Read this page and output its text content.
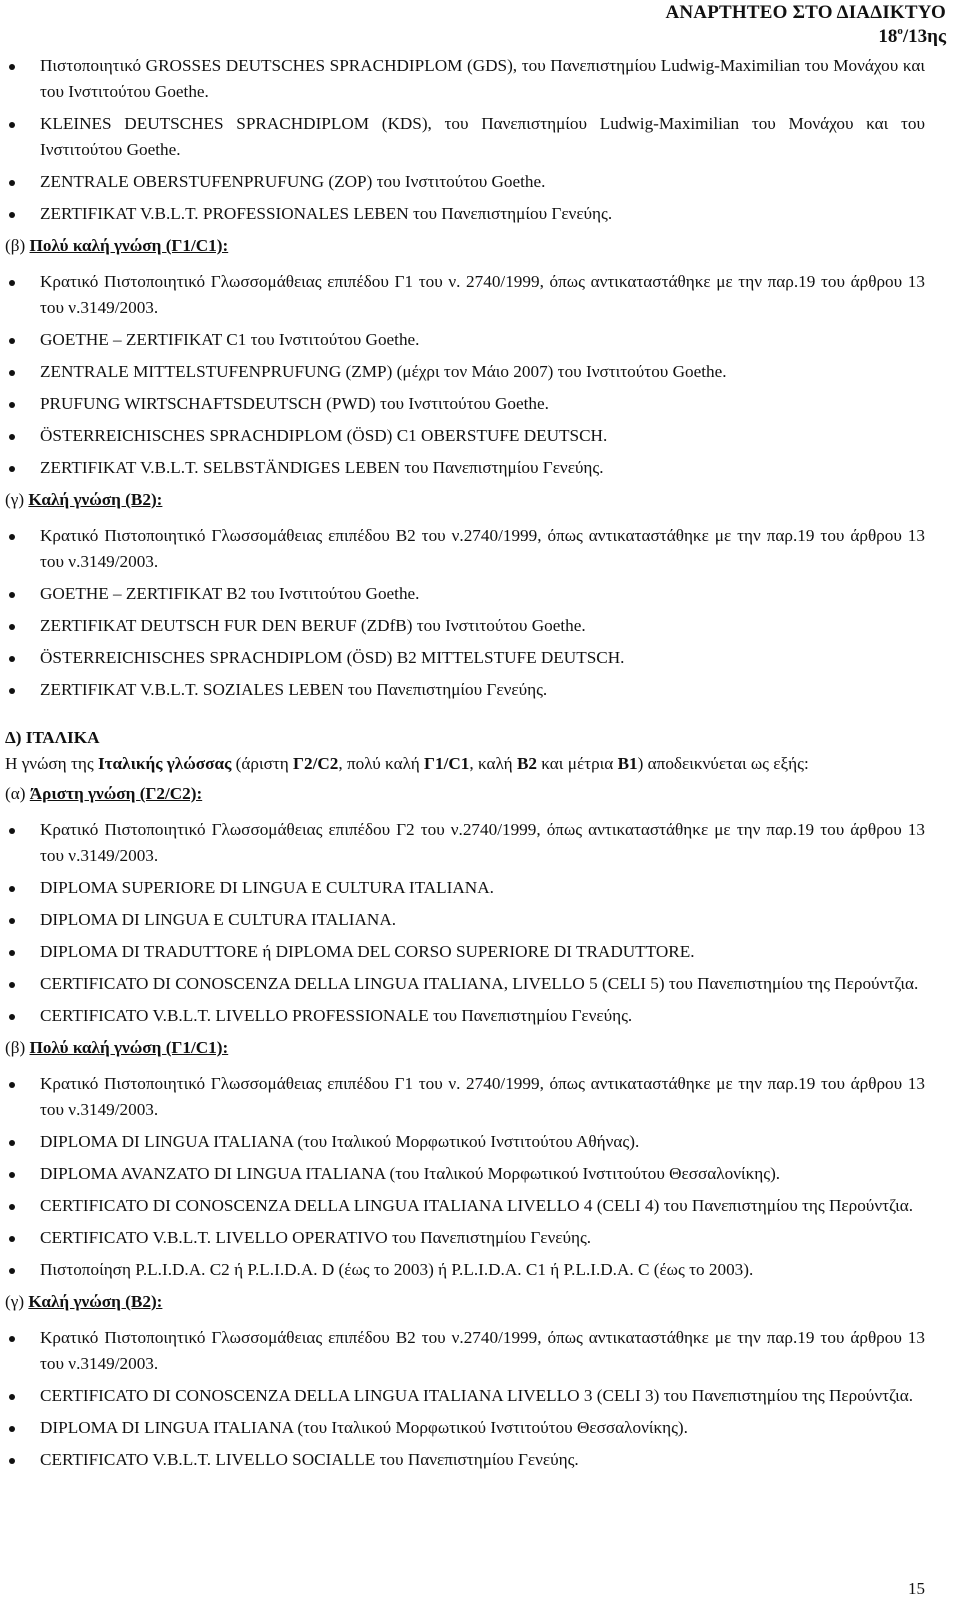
ΑΝΑΡΤΗΤΕΟ ΣΤΟ ΔΙΑΔΙΚΤΥΟ
$18^o/13\eta\varsigma$
Πιστοποιητικό GROSSES DEUTSCHES SPRACHDIPLOM (GDS), του Πανεπιστημίου Ludwig-Maximilian του Μονάχου και του Ινστιτούτου Goethe.
KLEINES DEUTSCHES SPRACHDIPLOM (KDS), του Πανεπιστημίου Ludwig-Maximilian του Μονάχου και του Ινστιτούτου Goethe.
ZENTRALE OBERSTUFENPRUFUNG (ZOP) του Ινστιτούτου Goethe.
ZERTIFIKAT V.B.L.T. PROFESSIONALES LEBEN του Πανεπιστημίου Γενεύης.
(β) Πολύ καλή γνώση (Γ1/C1):
Κρατικό Πιστοποιητικό Γλωσσομάθειας επιπέδου Γ1 του ν. 2740/1999, όπως αντικαταστάθηκε με την παρ.19 του άρθρου 13 του ν.3149/2003.
GOETHE – ZERTIFIKAT C1 του Ινστιτούτου Goethe.
ZENTRALE MITTELSTUFENPRUFUNG (ZMP) (μέχρι τον Μάιο 2007) του Ινστιτούτου Goethe.
PRUFUNG WIRTSCHAFTSDEUTSCH (PWD) του Ινστιτούτου Goethe.
ÖSTERREICHISCHES SPRACHDIPLOM (ÖSD) C1 OBERSTUFE DEUTSCH.
ZERTIFIKAT V.B.L.T. SELBSTÄNDIGES LEBEN του Πανεπιστημίου Γενεύης.
(γ) Καλή γνώση (Β2):
Κρατικό Πιστοποιητικό Γλωσσομάθειας επιπέδου Β2 του ν.2740/1999, όπως αντικαταστάθηκε με την παρ.19 του άρθρου 13 του ν.3149/2003.
GOETHE – ZERTIFIKAT B2 του Ινστιτούτου Goethe.
ZERTIFIKAT DEUTSCH FUR DEN BERUF (ZDfB) του Ινστιτούτου Goethe.
ÖSTERREICHISCHES SPRACHDIPLOM (ÖSD) B2 MITTELSTUFE DEUTSCH.
ZERTIFIKAT V.B.L.T. SOZIALES LEBEN του Πανεπιστημίου Γενεύης.
Δ) ΙΤΑΛΙΚΑ
Η γνώση της Ιταλικής γλώσσας (άριστη Γ2/C2, πολύ καλή Γ1/C1, καλή Β2 και μέτρια Β1) αποδεικνύεται ως εξής:
(α) Άριστη γνώση (Γ2/C2):
Κρατικό Πιστοποιητικό Γλωσσομάθειας επιπέδου Γ2 του ν.2740/1999, όπως αντικαταστάθηκε με την παρ.19 του άρθρου 13 του ν.3149/2003.
DIPLOMA SUPERIORE DI LINGUA E CULTURA ITALIANA.
DIPLOMA DI LINGUA E CULTURA ITALIANA.
DIPLOMA DI TRADUTTORE ή DIPLOMA DEL CORSO SUPERIORE DI TRADUTTORE.
CERTIFICATO DI CONOSCENZA DELLA LINGUA ITALIANA, LIVELLO 5 (CELI 5) του Πανεπιστημίου της Περούντζια.
CERTIFICATO V.B.L.T. LIVELLO PROFESSIONALE του Πανεπιστημίου Γενεύης.
(β) Πολύ καλή γνώση (Γ1/C1):
Κρατικό Πιστοποιητικό Γλωσσομάθειας επιπέδου Γ1 του ν. 2740/1999, όπως αντικαταστάθηκε με την παρ.19 του άρθρου 13 του ν.3149/2003.
DIPLOMA DI LINGUA ITALIANA (του Ιταλικού Μορφωτικού Ινστιτούτου Αθήνας).
DIPLOMA AVANZATO DI LINGUA ITALIANA (του Ιταλικού Μορφωτικού Ινστιτούτου Θεσσαλονίκης).
CERTIFICATO DI CONOSCENZA DELLA LINGUA ITALIANA LIVELLO 4 (CELI 4) του Πανεπιστημίου της Περούντζια.
CERTIFICATO V.B.L.T. LIVELLO OPERATIVO του Πανεπιστημίου Γενεύης.
Πιστοποίηση P.L.I.D.A. C2 ή P.L.I.D.A. D (έως το 2003) ή P.L.I.D.A. C1 ή P.L.I.D.A. C (έως το 2003).
(γ) Καλή γνώση (Β2):
Κρατικό Πιστοποιητικό Γλωσσομάθειας επιπέδου Β2 του ν.2740/1999, όπως αντικαταστάθηκε με την παρ.19 του άρθρου 13 του ν.3149/2003.
CERTIFICATO DI CONOSCENZA DELLA LINGUA ITALIANA LIVELLO 3 (CELI 3) του Πανεπιστημίου της Περούντζια.
DIPLOMA DI LINGUA ITALIANA (του Ιταλικού Μορφωτικού Ινστιτούτου Θεσσαλονίκης).
CERTIFICATO V.B.L.T. LIVELLO SOCIALLE του Πανεπιστημίου Γενεύης.
15
